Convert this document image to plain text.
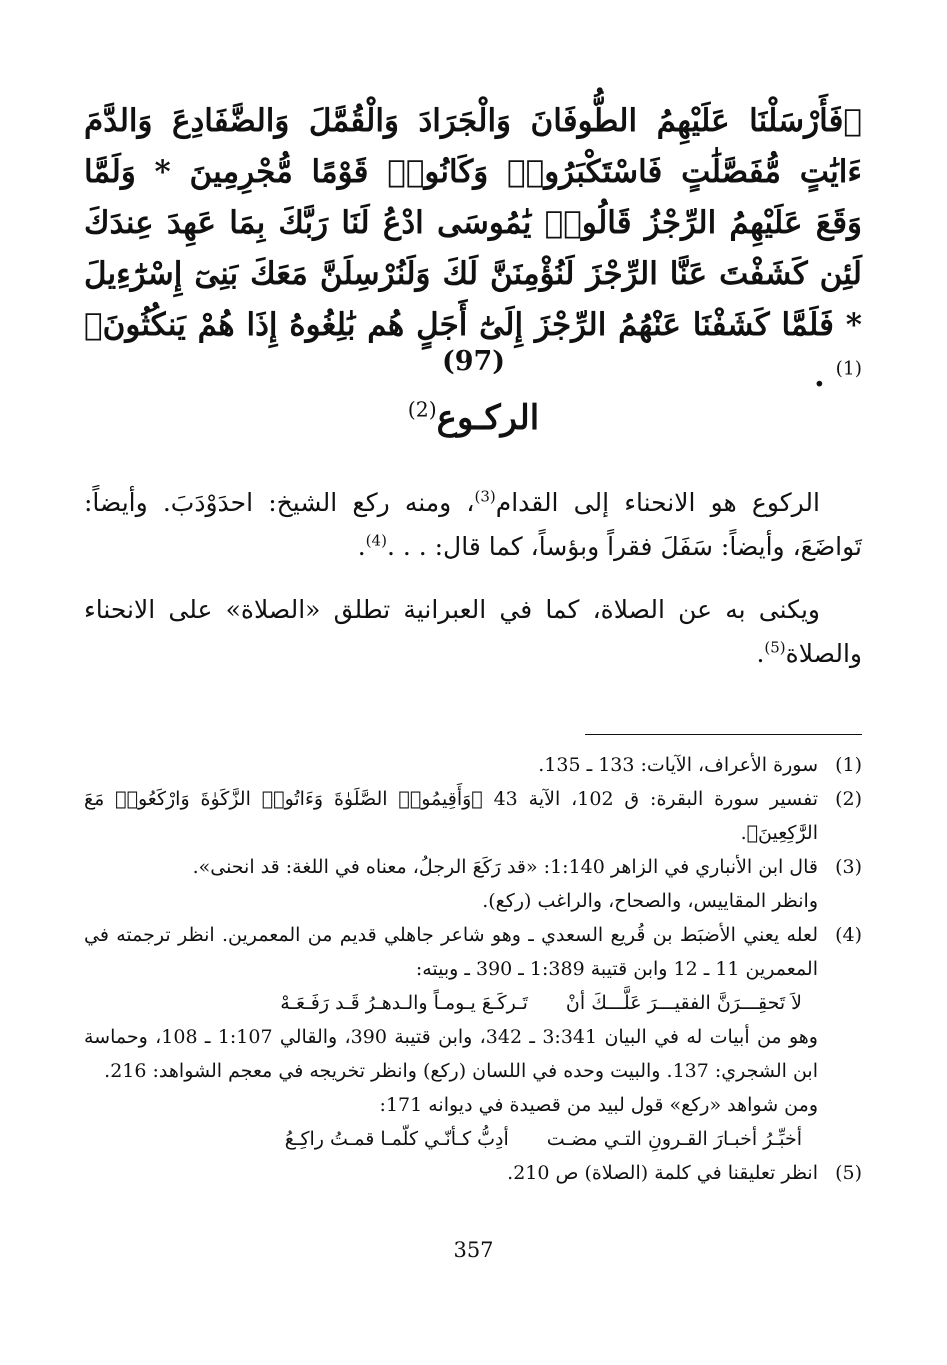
﴿فَأَرْسَلْنَا عَلَيْهِمُ الطُّوفَانَ وَالْجَرَادَ وَالْقُمَّلَ وَالضَّفَادِعَ وَالدَّمَ ءَايَٰتٍ مُّفَصَّلَٰتٍ فَاسْتَكْبَرُوا۟ وَكَانُوا۟ قَوْمًا مُّجْرِمِينَ * وَلَمَّا وَقَعَ عَلَيْهِمُ الرِّجْزُ قَالُوا۟ يَٰمُوسَى ادْعُ لَنَا رَبَّكَ بِمَا عَهِدَ عِندَكَ لَئِن كَشَفْتَ عَنَّا الرِّجْزَ لَنُؤْمِنَنَّ لَكَ وَلَنُرْسِلَنَّ مَعَكَ بَنِىٓ إِسْرَٰٓءِيلَ * فَلَمَّا كَشَفْنَا عَنْهُمُ الرِّجْزَ إِلَىٰٓ أَجَلٍ هُم بَٰلِغُوهُ إِذَا هُمْ يَنكُثُونَ﴾$^{(1)}$ .
(97)
الركـوع$^{(2)}$
الركوع هو الانحناء إلى القدام$^{(3)}$، ومنه ركع الشيخ: احدَوْدَبَ. وأيضاً: تَواضَعَ، وأيضاً: سَفَلَ فقراً وبؤساً، كما قال: . . .$^{(4)}$.
ويكنى به عن الصلاة، كما في العبرانية تطلق «الصلاة» على الانحناء والصلاة$^{(5)}$.
(1)
سورة الأعراف، الآيات: 133 ـ 135.
(2)
تفسير سورة البقرة: ق 102، الآية 43 ﴿وَأَقِيمُوا۟ الصَّلَوٰةَ وَءَاتُوا۟ الزَّكَوٰةَ وَارْكَعُوا۟ مَعَ الرَّٰكِعِينَ﴾.
(3)
قال ابن الأنباري في الزاهر 1:140: «قد رَكَعَ الرجلُ، معناه في اللغة: قد انحنى».
وانظر المقاييس، والصحاح، والراغب (ركع).
(4)
لعله يعني الأضبَط بن قُريع السعدي ـ وهو شاعر جاهلي قديم من المعمرين. انظر ترجمته في المعمرين 11 ـ 12 وابن قتيبة 1:389 ـ 390 ـ وبيته:
لاَ تَحقِـــرَنَّ الفقيـــرَ عَلَّـــكَ أنْ
تَـركَـعَ يـومـاً والـدهـرُ قَـد رَفَـعَـهْ
وهو من أبيات له في البيان 3:341 ـ 342، وابن قتيبة 390، والقالي 1:107 ـ 108، وحماسة ابن الشجري: 137. والبيت وحده في اللسان (ركع) وانظر تخريجه في معجم الشواهد: 216.
ومن شواهد «ركع» قول لبيد من قصيدة في ديوانه 171:
أخبِّـرُ أخبـارَ القـرونِ التـي مضـت
أدِبُّ كـأنّـي كلّمـا قمـتُ راكِـعُ
(5)
انظر تعليقنا في كلمة (الصلاة) ص 210.
357
